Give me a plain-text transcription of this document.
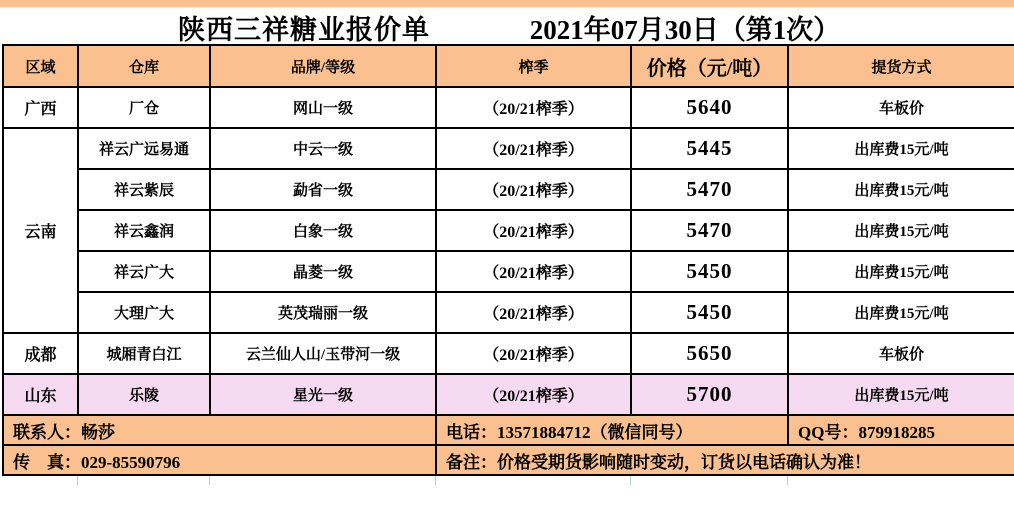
陕西三祥糖业报价单	2021年07月30日（第1次）
区域	仓库	品牌/等级	榨季	价格（元/吨）	提货方式
广西	厂仓	网山一级	（20/21榨季）	5640	车板价
云南	祥云广远易通	中云一级	（20/21榨季）	5445	出库费15元/吨
	祥云紫辰	勐省一级	（20/21榨季）	5470	出库费15元/吨
	祥云鑫润	白象一级	（20/21榨季）	5470	出库费15元/吨
	祥云广大	晶菱一级	（20/21榨季）	5450	出库费15元/吨
	大理广大	英茂瑞丽一级	（20/21榨季）	5450	出库费15元/吨
成都	城厢青白江	云兰仙人山/玉带河一级	（20/21榨季）	5650	车板价
山东	乐陵	星光一级	（20/21榨季）	5700	出库费15元/吨
联系人：畅莎			电话：13571884712（微信同号）		QQ号：879918285
传　真：029-85590796			备注：价格受期货影响随时变动，订货以电话确认为准！		
